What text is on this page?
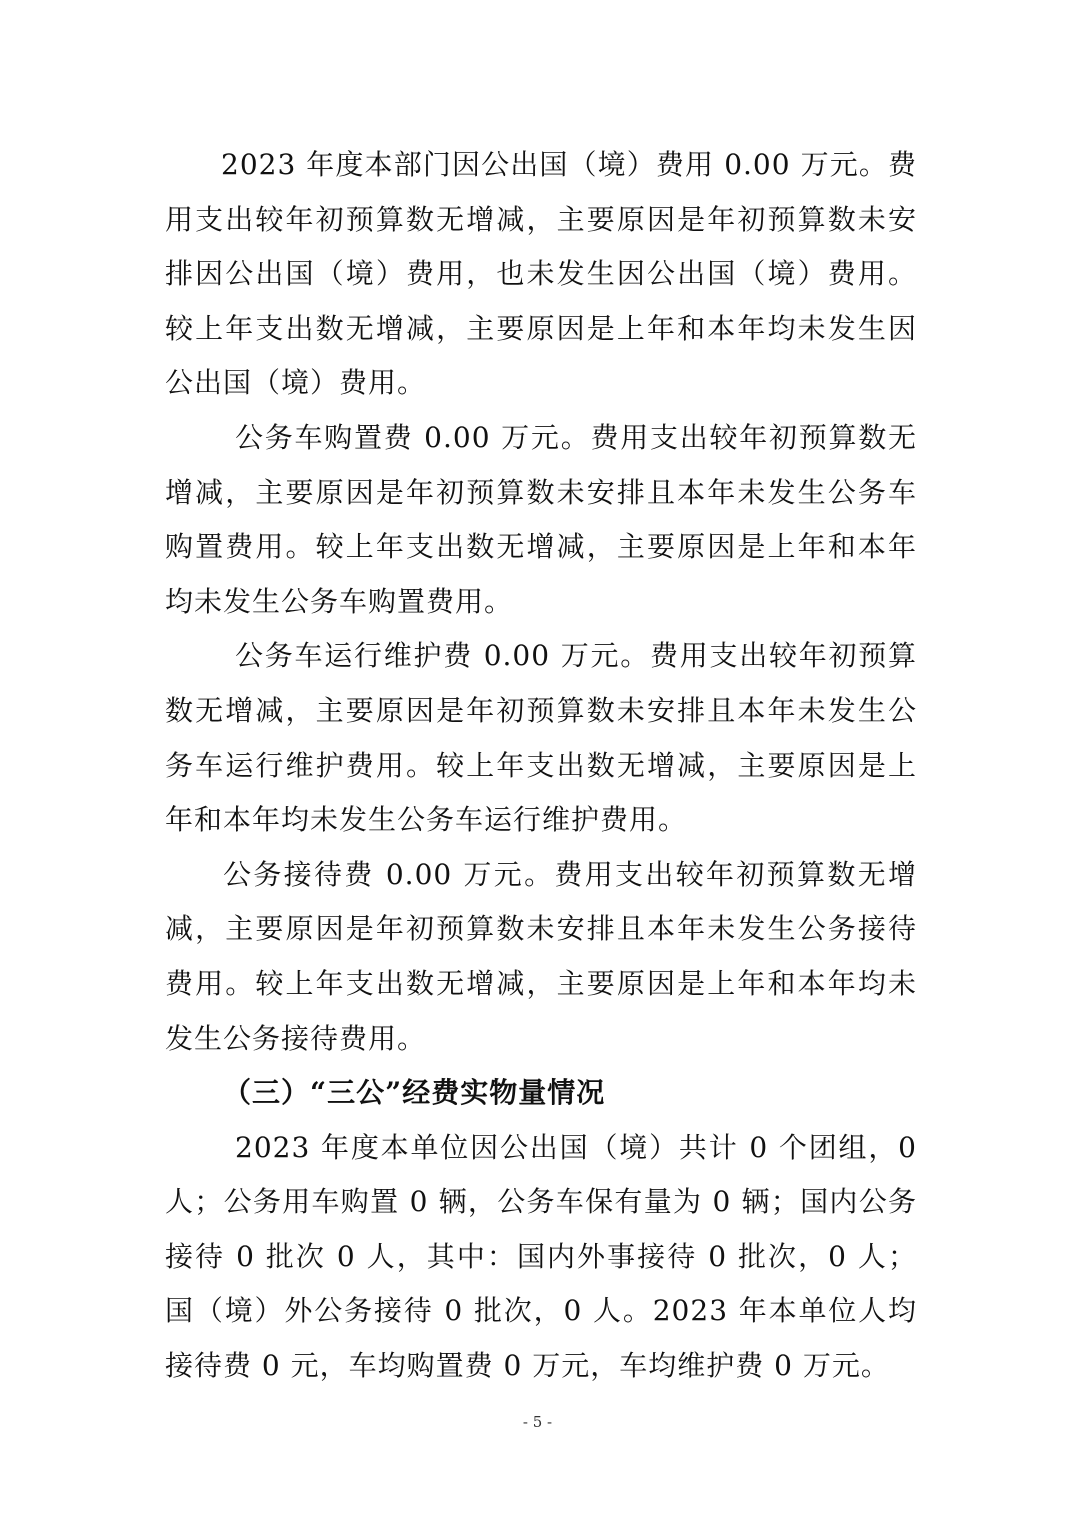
2023 年度本部门因公出国（境）费用 0.00 万元。费用支出较年初预算数无增减，主要原因是年初预算数未安排因公出国（境）费用，也未发生因公出国（境）费用。较上年支出数无增减，主要原因是上年和本年均未发生因公出国（境）费用。

公务车购置费 0.00 万元。费用支出较年初预算数无增减，主要原因是年初预算数未安排且本年未发生公务车购置费用。较上年支出数无增减，主要原因是上年和本年均未发生公务车购置费用。

公务车运行维护费 0.00 万元。费用支出较年初预算数无增减，主要原因是年初预算数未安排且本年未发生公务车运行维护费用。较上年支出数无增减，主要原因是上年和本年均未发生公务车运行维护费用。

公务接待费 0.00 万元。费用支出较年初预算数无增减，主要原因是年初预算数未安排且本年未发生公务接待费用。较上年支出数无增减，主要原因是上年和本年均未发生公务接待费用。

（三）“三公”经费实物量情况

2023 年度本单位因公出国（境）共计 0 个团组，0 人；公务用车购置 0 辆，公务车保有量为 0 辆；国内公务接待 0 批次 0 人，其中：国内外事接待 0 批次，0 人；国（境）外公务接待 0 批次，0 人。2023 年本单位人均接待费 0 元，车均购置费 0 万元，车均维护费 0 万元。

- 5 -
